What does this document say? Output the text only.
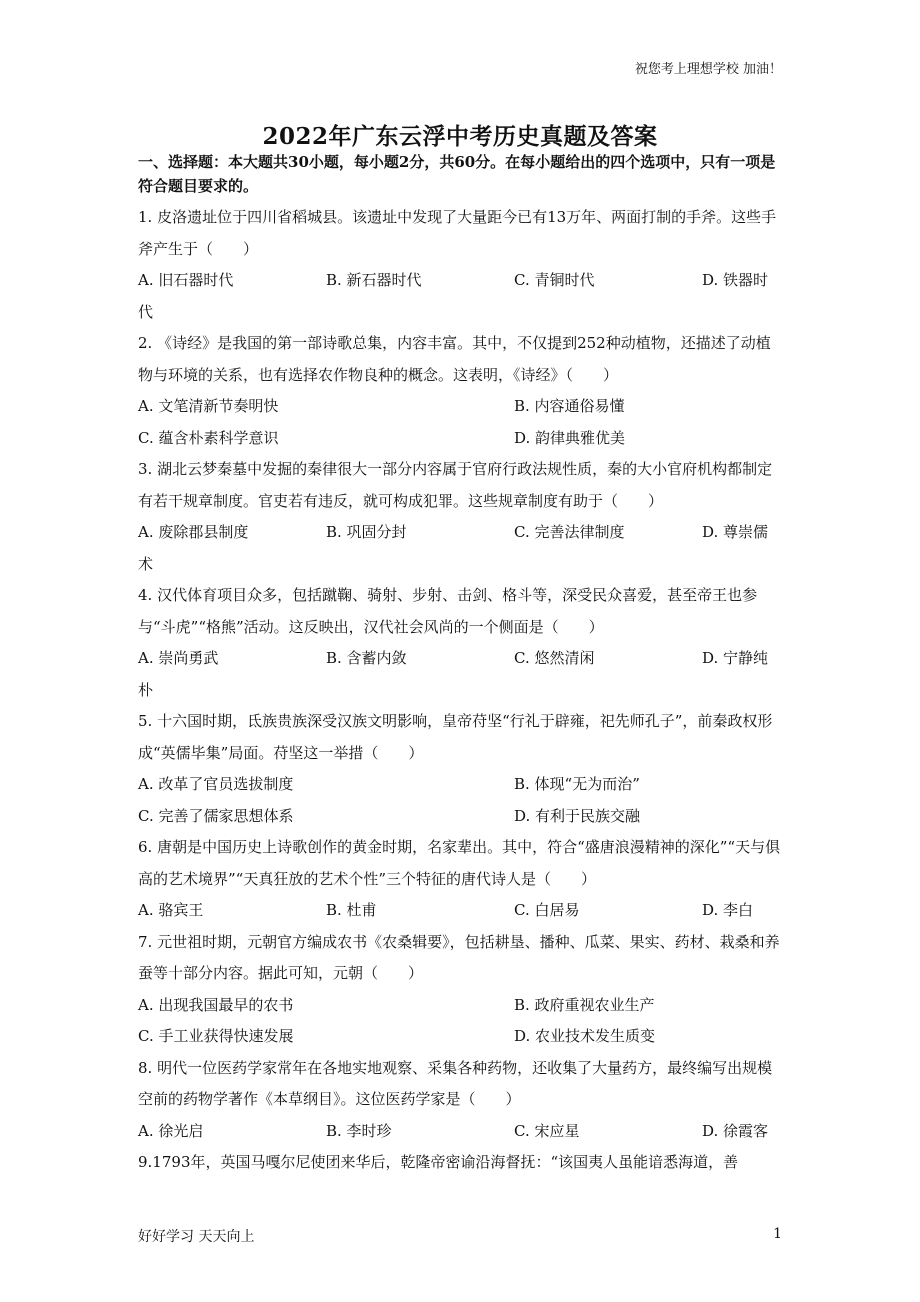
祝您考上理想学校 加油！
2022年广东云浮中考历史真题及答案
一、选择题：本大题共30小题，每小题2分，共60分。在每小题给出的四个选项中，只有一项是符合题目要求的。
1. 皮洛遗址位于四川省稻城县。该遗址中发现了大量距今已有13万年、两面打制的手斧。这些手斧产生于（　　）
A. 旧石器时代	B. 新石器时代	C. 青铜时代	D. 铁器时
代
2. 《诗经》是我国的第一部诗歌总集，内容丰富。其中，不仅提到252种动植物，还描述了动植物与环境的关系，也有选择农作物良种的概念。这表明，《诗经》（　　）
A. 文笔清新节奏明快	B. 内容通俗易懂
C. 蕴含朴素科学意识	D. 韵律典雅优美
3. 湖北云梦秦墓中发掘的秦律很大一部分内容属于官府行政法规性质，秦的大小官府机构都制定有若干规章制度。官吏若有违反，就可构成犯罪。这些规章制度有助于（　　）
A. 废除郡县制度	B. 巩固分封	C. 完善法律制度	D. 尊崇儒
术
4. 汉代体育项目众多，包括蹴鞠、骑射、步射、击剑、格斗等，深受民众喜爱，甚至帝王也参与“斗虎”“格熊”活动。这反映出，汉代社会风尚的一个侧面是（　　）
A. 崇尚勇武	B. 含蓄内敛	C. 悠然清闲	D. 宁静纯
朴
5. 十六国时期，氐族贵族深受汉族文明影响，皇帝苻坚“行礼于辟雍，祀先师孔子”，前秦政权形成“英儒毕集”局面。苻坚这一举措（　　）
A. 改革了官员选拔制度	B. 体现“无为而治”
C. 完善了儒家思想体系	D. 有利于民族交融
6. 唐朝是中国历史上诗歌创作的黄金时期，名家辈出。其中，符合“盛唐浪漫精神的深化”“天与俱高的艺术境界”“天真狂放的艺术个性”三个特征的唐代诗人是（　　）
A. 骆宾王	B. 杜甫	C. 白居易	D. 李白
7. 元世祖时期，元朝官方编成农书《农桑辑要》，包括耕垦、播种、瓜菜、果实、药材、栽桑和养蚕等十部分内容。据此可知，元朝（　　）
A. 出现我国最早的农书	B. 政府重视农业生产
C. 手工业获得快速发展	D. 农业技术发生质变
8. 明代一位医药学家常年在各地实地观察、采集各种药物，还收集了大量药方，最终编写出规模空前的药物学著作《本草纲目》。这位医药学家是（　　）
A. 徐光启	B. 李时珍	C. 宋应星	D. 徐霞客
9.1793年，英国马嘎尔尼使团来华后，乾隆帝密谕沿海督抚：“该国夷人虽能谙悉海道，善
好好学习 天天向上	1
